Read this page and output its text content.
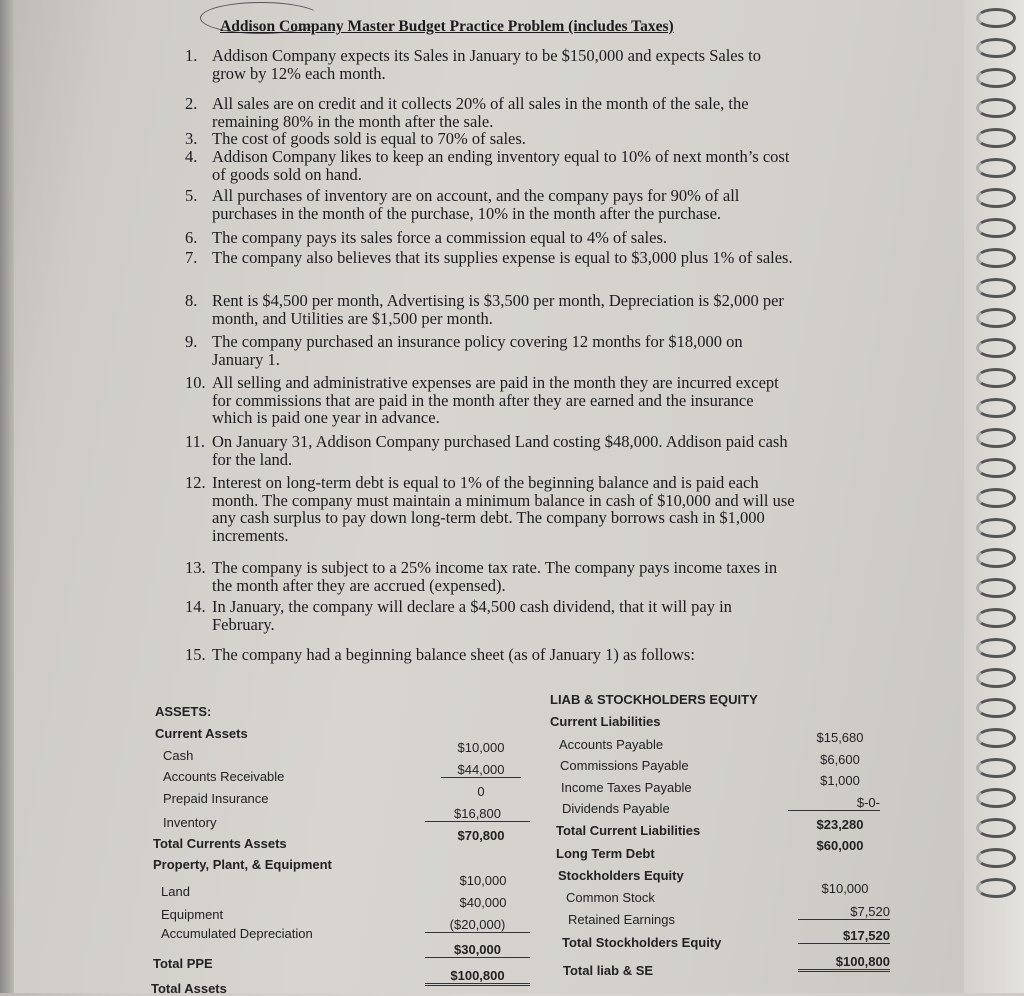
Addison Company Master Budget Practice Problem (includes Taxes)
1. Addison Company expects its Sales in January to be $150,000 and expects Sales to grow by 12% each month.
2. All sales are on credit and it collects 20% of all sales in the month of the sale, the remaining 80% in the month after the sale.
3. The cost of goods sold is equal to 70% of sales.
4. Addison Company likes to keep an ending inventory equal to 10% of next month’s cost of goods sold on hand.
5. All purchases of inventory are on account, and the company pays for 90% of all purchases in the month of the purchase, 10% in the month after the purchase.
6. The company pays its sales force a commission equal to 4% of sales.
7. The company also believes that its supplies expense is equal to $3,000 plus 1% of sales.
8. Rent is $4,500 per month, Advertising is $3,500 per month, Depreciation is $2,000 per month, and Utilities are $1,500 per month.
9. The company purchased an insurance policy covering 12 months for $18,000 on January 1.
10. All selling and administrative expenses are paid in the month they are incurred except for commissions that are paid in the month after they are earned and the insurance which is paid one year in advance.
11. On January 31, Addison Company purchased Land costing $48,000. Addison paid cash for the land.
12. Interest on long-term debt is equal to 1% of the beginning balance and is paid each month. The company must maintain a minimum balance in cash of $10,000 and will use any cash surplus to pay down long-term debt. The company borrows cash in $1,000 increments.
13. The company is subject to a 25% income tax rate. The company pays income taxes in the month after they are accrued (expensed).
14. In January, the company will declare a $4,500 cash dividend, that it will pay in February.
15. The company had a beginning balance sheet (as of January 1) as follows:
ASSETS:
Current Assets
Cash
Accounts Receivable
Prepaid Insurance
Inventory
Total Currents Assets
Property, Plant, & Equipment
Land
Equipment
Accumulated Depreciation
Total PPE
Total Assets
$10,000
$44,000
0
$16,800
$70,800
$10,000
$40,000
($20,000)
$30,000
$100,800
LIAB & STOCKHOLDERS EQUITY
Current Liabilities
Accounts Payable
Commissions Payable
Income Taxes Payable
Dividends Payable
Total Current Liabilities
Long Term Debt
Stockholders Equity
Common Stock
Retained Earnings
Total Stockholders Equity
Total liab & SE
$15,680
$6,600
$1,000
$-0-
$23,280
$60,000
$10,000
$7,520
$17,520
$100,800
